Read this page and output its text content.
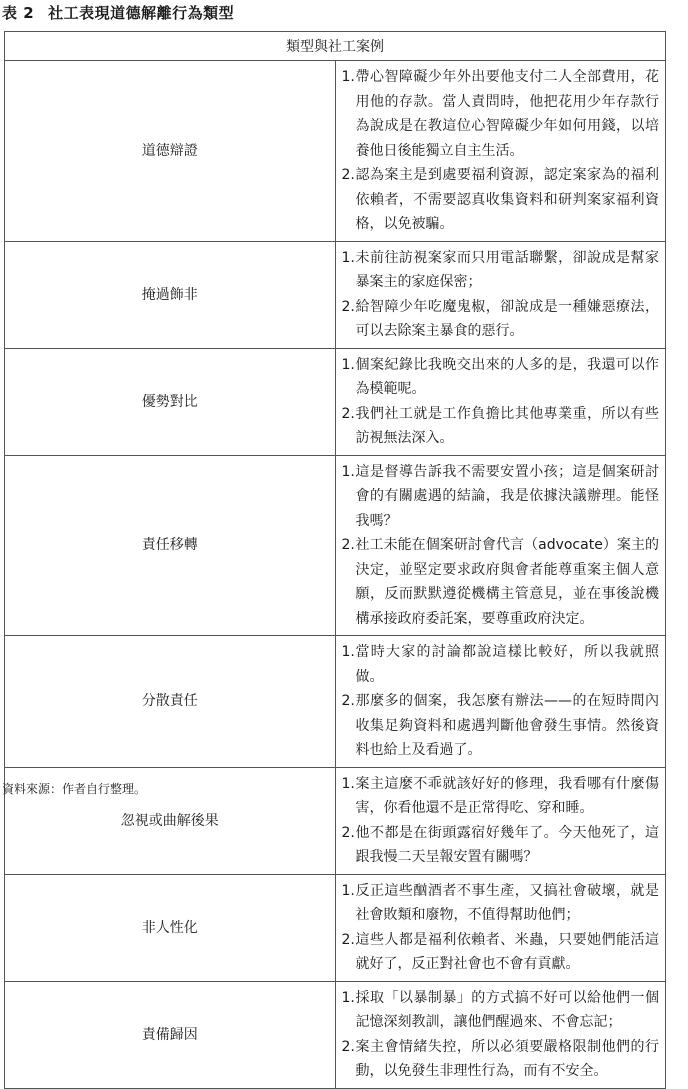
表 2 社工表現道德解離行為類型
類型與社工案例	
道德辯證	1. 帶心智障礙少年外出要他支付二人全部費用，花用他的存款。當人責問時，他把花用少年存款行為說成是在教這位心智障礙少年如何用錢，以培養他日後能獨立自主生活。
2. 認為案主是到處要福利資源，認定案家為的福利依賴者，不需要認真收集資料和研判案家福利資格，以免被騙。

掩過飾非	1. 未前往訪視案家而只用電話聯繫，卻說成是幫家暴案主的家庭保密；
2. 給智障少年吃魔鬼椒，卻說成是一種嫌惡療法，可以去除案主暴食的惡行。

優勢對比	1. 個案紀錄比我晚交出來的人多的是，我還可以作為模範呢。
2. 我們社工就是工作負擔比其他專業重，所以有些訪視無法深入。

責任移轉	1. 這是督導告訴我不需要安置小孩；這是個案研討會的有關處遇的結論，我是依據決議辦理。能怪我嗎？
2. 社工未能在個案研討會代言（advocate）案主的決定，並堅定要求政府與會者能尊重案主個人意願，反而默默遵從機構主管意見，並在事後說機構承接政府委託案，要尊重政府決定。

分散責任	1. 當時大家的討論都說這樣比較好，所以我就照做。
2. 那麼多的個案，我怎麼有辦法——的在短時間內收集足夠資料和處遇判斷他會發生事情。然後資料也給上及看過了。

忽視或曲解後果	1. 案主這麼不乖就該好好的修理，我看哪有什麼傷害，你看他還不是正常得吃、穿和睡。
2. 他不都是在街頭露宿好幾年了。今天他死了，這跟我慢二天呈報安置有關嗎？

非人性化	1. 反正這些酗酒者不事生產，又搞社會破壞，就是社會敗類和廢物，不值得幫助他們；
2. 這些人都是福利依賴者、米蟲，只要她們能活這就好了，反正對社會也不會有貢獻。

責備歸因	1. 採取「以暴制暴」的方式搞不好可以給他們一個記憶深刻教訓，讓他們醒過來、不會忘記；
2. 案主會情緒失控，所以必須要嚴格限制他們的行動，以免發生非理性行為，而有不安全。
資料來源：作者自行整理。
